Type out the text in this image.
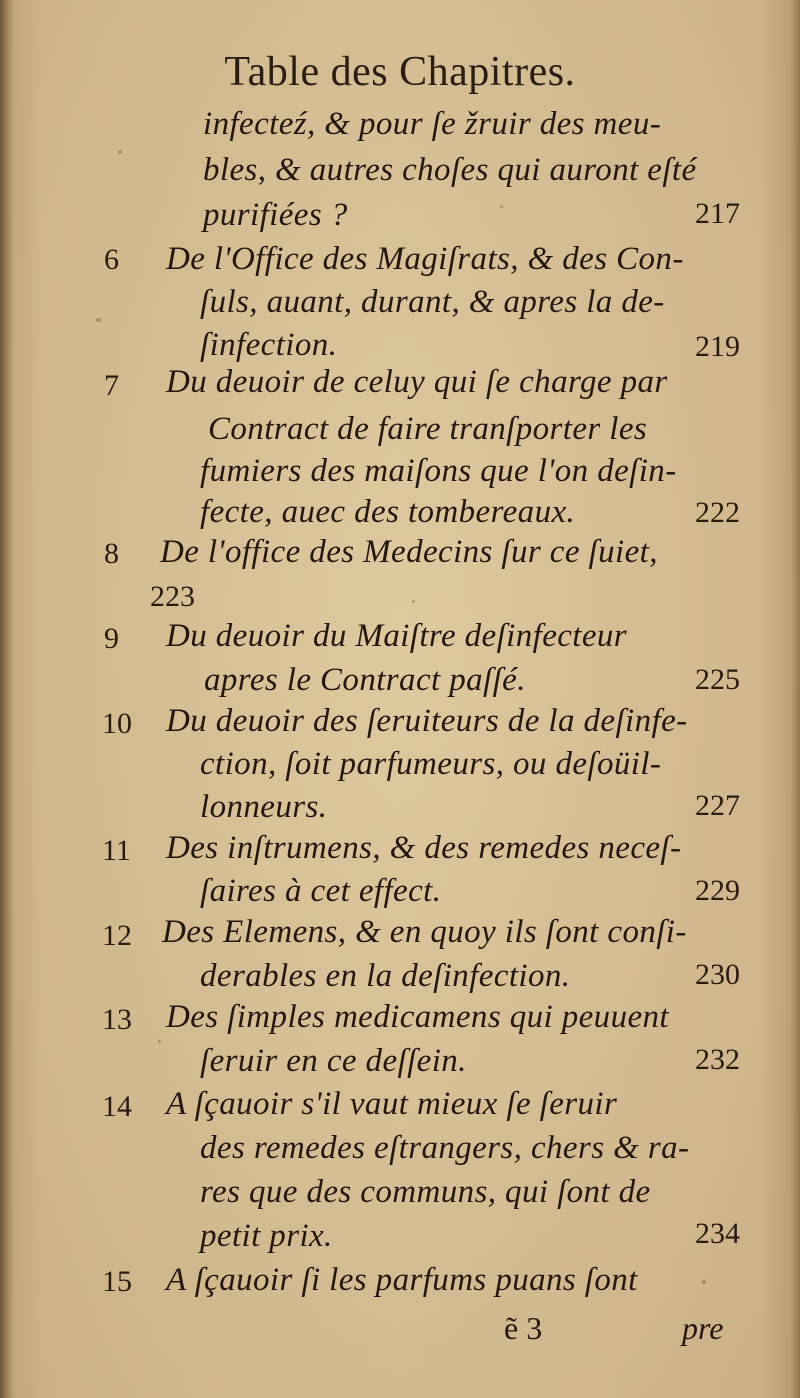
Table des Chapitres.
infecteź, & pour ſe žruir des meu-
bles, & autres choſes qui auront eſté
purifiées ?	217
6 De l'Office des Magiſrats, & des Con-
ſuls, auant, durant, & apres la de-
ſinfection.	219
7 Du deuoir de celuy qui ſe charge par
Contract de faire tranſporter les
fumiers des maiſons que l'on deſin-
fecte, auec des tombereaux.	222
8 De l'office des Medecins ſur ce ſuiet,
223
9 Du deuoir du Maiſtre deſinfecteur
apres le Contract paſſé.	225
10 Du deuoir des ſeruiteurs de la deſinfe-
ction, ſoit parfumeurs, ou deſoüil-
lonneurs.	227
11 Des inſtrumens, & des remedes neceſ-
ſaires à cet effect.	229
12 Des Elemens, & en quoy ils ſont conſi-
derables en la deſinfection.	230
13 Des ſimples medicamens qui peuuent
ſeruir en ce deſſein.	232
14 A ſçauoir s'il vaut mieux ſe ſeruir
des remedes eſtrangers, chers & ra-
res que des communs, qui ſont de
petit prix.	234
15 A ſçauoir ſi les parfums puans ſont
ẽ 3	pre
